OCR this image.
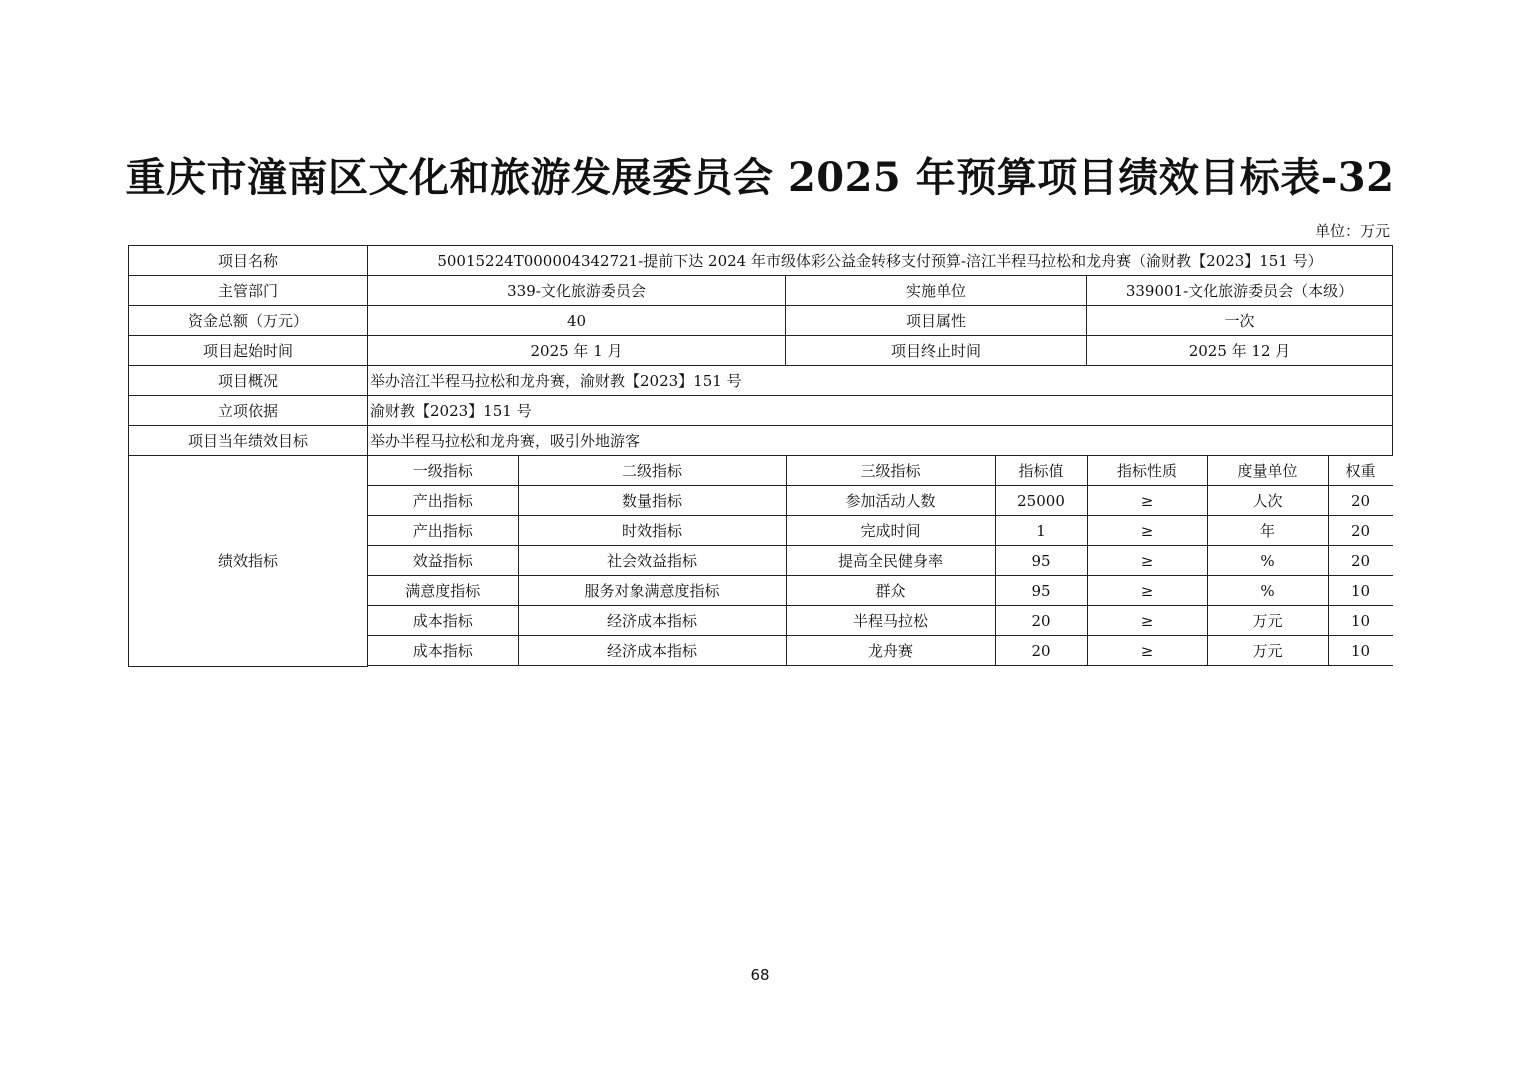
重庆市潼南区文化和旅游发展委员会 2025 年预算项目绩效目标表-32
单位：万元
项目名称	50015224T000004342721-提前下达 2024 年市级体彩公益金转移支付预算-涪江半程马拉松和龙舟赛（渝财教【2023】151 号）
主管部门	339-文化旅游委员会	实施单位	339001-文化旅游委员会（本级）
资金总额（万元）	40	项目属性	一次
项目起始时间	2025 年 1 月	项目终止时间	2025 年 12 月
项目概况	举办涪江半程马拉松和龙舟赛，渝财教【2023】151 号
立项依据	渝财教【2023】151 号
项目当年绩效目标	举办半程马拉松和龙舟赛，吸引外地游客
绩效指标	
一级指标	二级指标	三级指标	指标值	指标性质	度量单位	权重
产出指标	数量指标	参加活动人数	25000	≥	人次	20
产出指标	时效指标	完成时间	1	≥	年	20
效益指标	社会效益指标	提高全民健身率	95	≥	%	20
满意度指标	服务对象满意度指标	群众	95	≥	%	10
成本指标	经济成本指标	半程马拉松	20	≥	万元	10
成本指标	经济成本指标	龙舟赛	20	≥	万元	10
68
